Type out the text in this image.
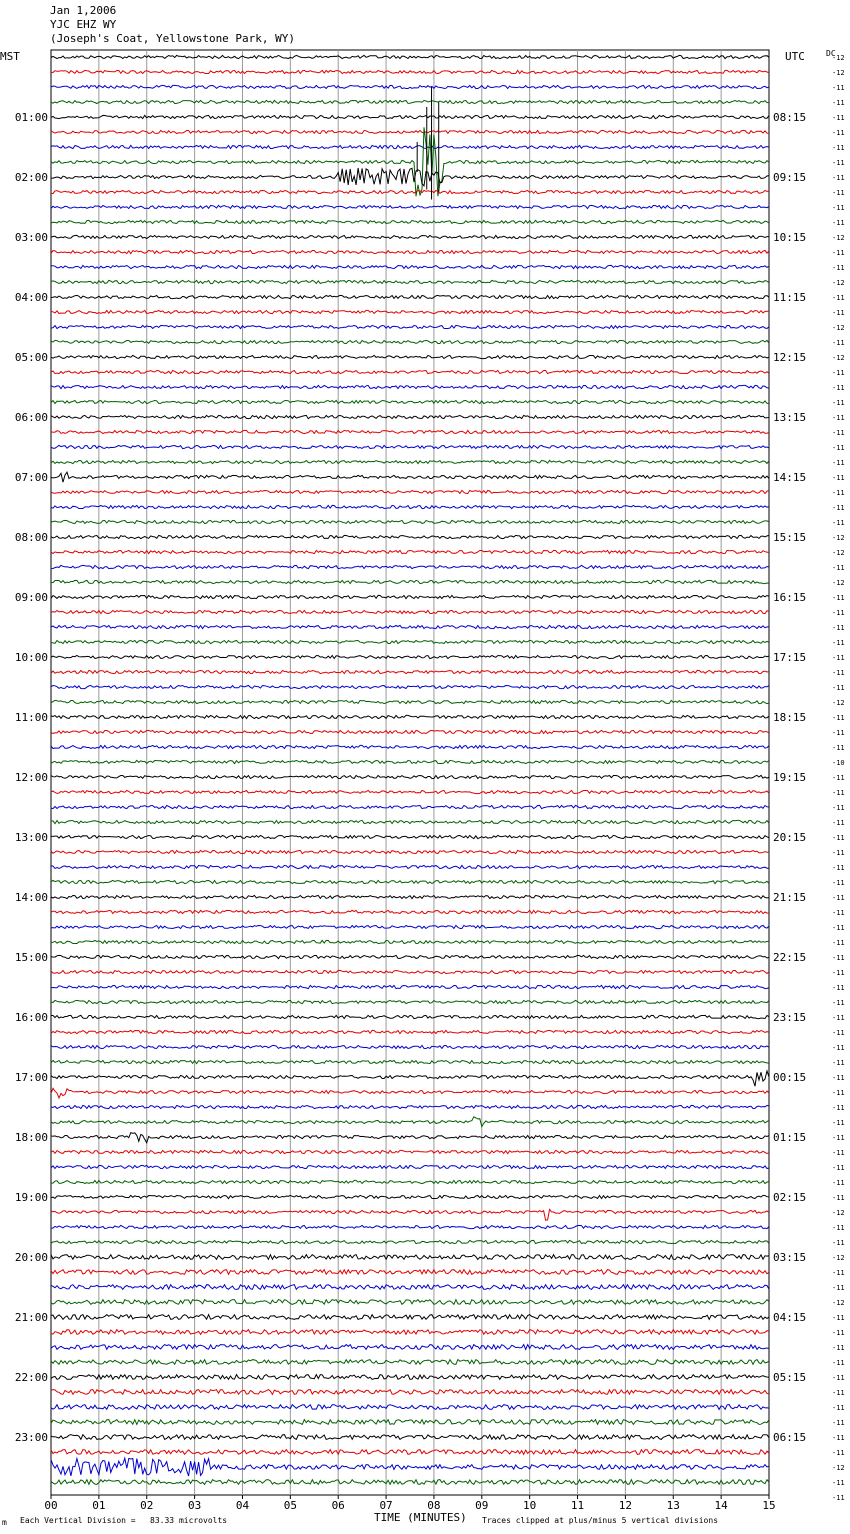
Jan 1,2006
YJC EHZ WY
(Joseph's Coat, Yellowstone Park, WY)
MST	UTC	DC
01:00
02:00
03:00
04:00
05:00
06:00
07:00
08:00
09:00
10:00
11:00
12:00
13:00
14:00
15:00
16:00
17:00
18:00
19:00
20:00
21:00
22:00
23:00
08:15
09:15
10:15
11:15
12:15
13:15
14:15
15:15
16:15
17:15
18:15
19:15
20:15
21:15
22:15
23:15
00:15
01:15
02:15
03:15
04:15
05:15
06:15
-12
-12
-11
-11
-11
-11
-11
-11
-11
-11
-11
-11
-12
-11
-11
-12
-11
-11
-12
-11
-12
-11
-11
-11
-11
-11
-11
-11
-11
-11
-11
-11
-12
-12
-11
-12
-11
-11
-11
-11
-11
-11
-11
-12
-11
-11
-11
-10
-11
-11
-11
-11
-11
-11
-11
-11
-11
-11
-11
-11
-11
-11
-11
-11
-11
-11
-11
-11
-11
-11
-11
-11
-11
-11
-11
-11
-11
-12
-11
-11
-12
-11
-11
-12
-11
-11
-11
-11
-11
-11
-11
-11
-11
-11
-12
-11
-11
00	01	02	03	04	05	06	07	08	09	10	11	12	13	14	15
TIME (MINUTES)
Each Vertical Division =   83.33 microvolts	Traces clipped at plus/minus 5 vertical divisions
m
